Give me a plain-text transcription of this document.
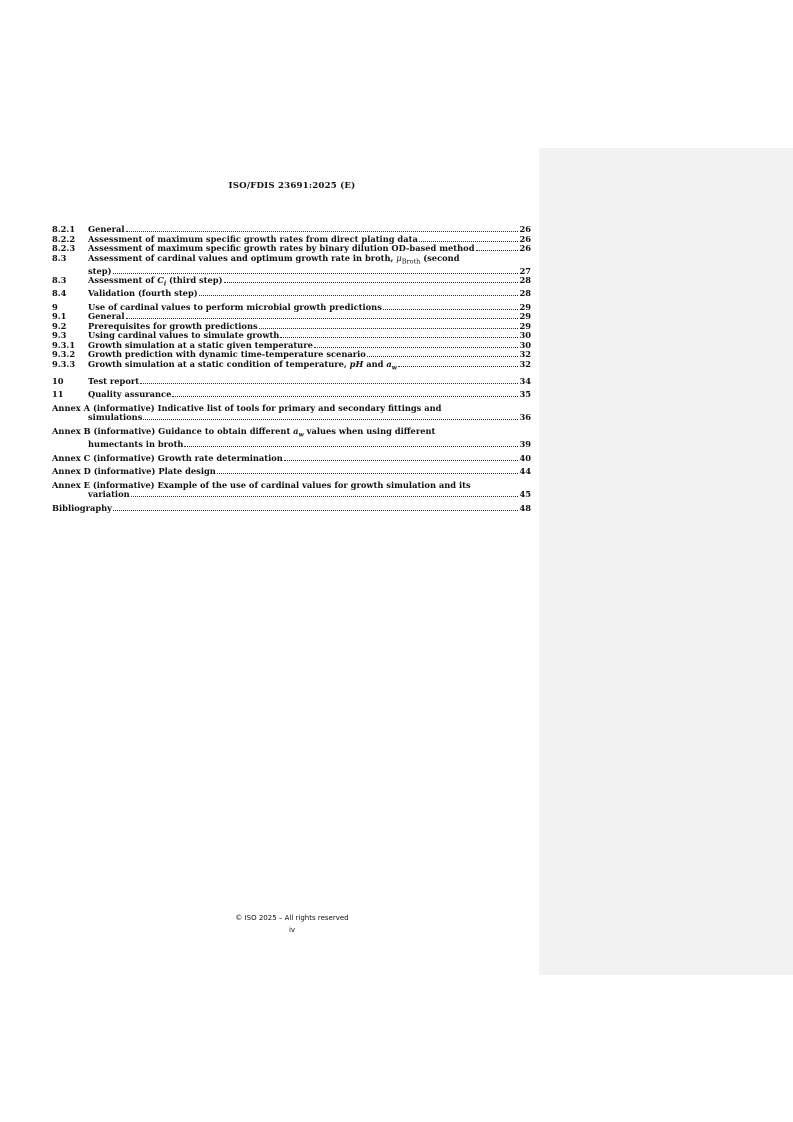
ISO/FDIS 23691:2025 (E)
8.2.1	General	26
8.2.2	Assessment of maximum specific growth rates from direct plating data	26
8.2.3	Assessment of maximum specific growth rates by binary dilution OD-based method	26
8.3	Assessment of cardinal values and optimum growth rate in broth, $\mu_{Broth}$ (second
step)	27
8.3	Assessment of $C_i$ (third step)	28
8.4	Validation (fourth step)	28
9	Use of cardinal values to perform microbial growth predictions	29
9.1	General	29
9.2	Prerequisites for growth predictions	29
9.3	Using cardinal values to simulate growth	30
9.3.1	Growth simulation at a static given temperature	30
9.3.2	Growth prediction with dynamic time-temperature scenario	32
9.3.3	Growth simulation at a static condition of temperature, pH and $a_w$	32
10	Test report	34
11	Quality assurance	35
Annex A (informative) Indicative list of tools for primary and secondary fittings and
simulations	36
Annex B (informative) Guidance to obtain different $a_w$ values when using different
humectants in broth	39
Annex C (informative) Growth rate determination	40
Annex D (informative) Plate design	44
Annex E (informative) Example of the use of cardinal values for growth simulation and its
variation	45
Bibliography	48
© ISO 2025 – All rights reserved
iv
